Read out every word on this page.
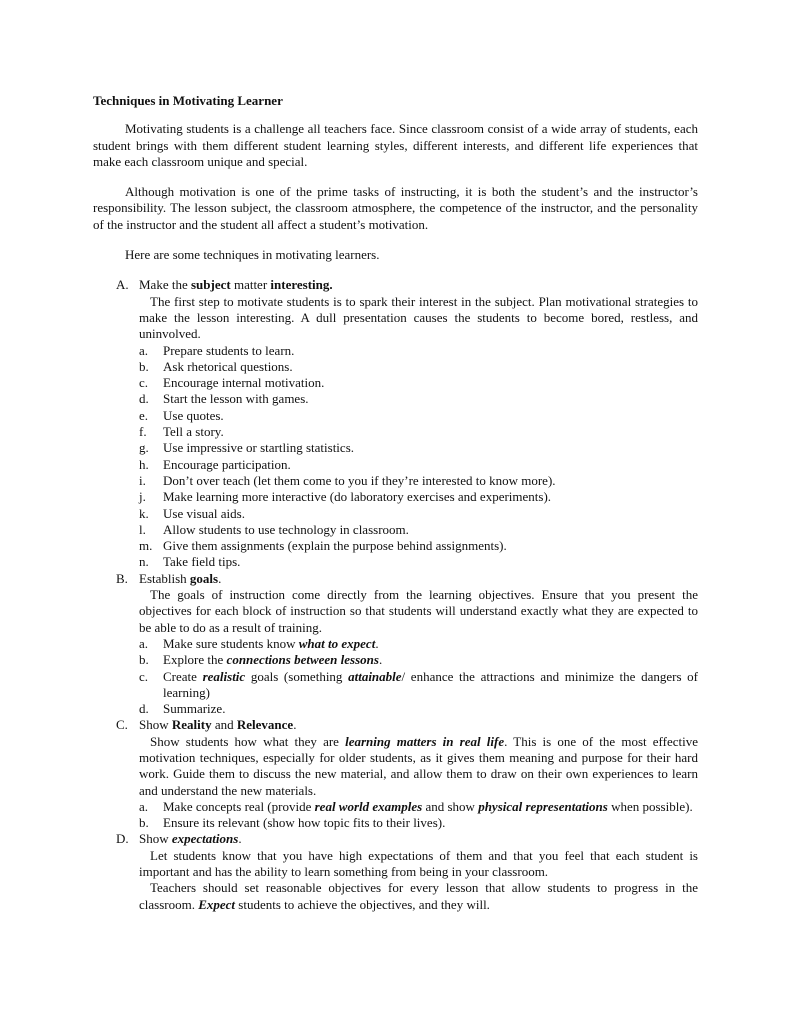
Techniques in Motivating Learner

Motivating students is a challenge all teachers face. Since classroom consist of a wide array of students, each student brings with them different student learning styles, different interests, and different life experiences that make each classroom unique and special.

Although motivation is one of the prime tasks of instructing, it is both the student’s and the instructor’s responsibility. The lesson subject, the classroom atmosphere, the competence of the instructor, and the personality of the instructor and the student all affect a student’s motivation.

Here are some techniques in motivating learners.

A. Make the subject matter interesting.

The first step to motivate students is to spark their interest in the subject. Plan motivational strategies to make the lesson interesting. A dull presentation causes the students to become bored, restless, and uninvolved.

a. Prepare students to learn.
b. Ask rhetorical questions.
c. Encourage internal motivation.
d. Start the lesson with games.
e. Use quotes.
f. Tell a story.
g. Use impressive or startling statistics.
h. Encourage participation.
i. Don’t over teach (let them come to you if they’re interested to know more).
j. Make learning more interactive (do laboratory exercises and experiments).
k. Use visual aids.
l. Allow students to use technology in classroom.
m. Give them assignments (explain the purpose behind assignments).
n. Take field tips.
B. Establish goals.

The goals of instruction come directly from the learning objectives. Ensure that you present the objectives for each block of instruction so that students will understand exactly what they are expected to be able to do as a result of training.

a. Make sure students know what to expect.
b. Explore the connections between lessons.
c. Create realistic goals (something attainable/ enhance the attractions and minimize the dangers of learning)
d. Summarize.
C. Show Reality and Relevance.

Show students how what they are learning matters in real life. This is one of the most effective motivation techniques, especially for older students, as it gives them meaning and purpose for their hard work. Guide them to discuss the new material, and allow them to draw on their own experiences to learn and understand the new materials.

a. Make concepts real (provide real world examples and show physical representations when possible).
b. Ensure its relevant (show how topic fits to their lives).
D. Show expectations.

Let students know that you have high expectations of them and that you feel that each student is important and has the ability to learn something from being in your classroom.

Teachers should set reasonable objectives for every lesson that allow students to progress in the classroom. Expect students to achieve the objectives, and they will.
